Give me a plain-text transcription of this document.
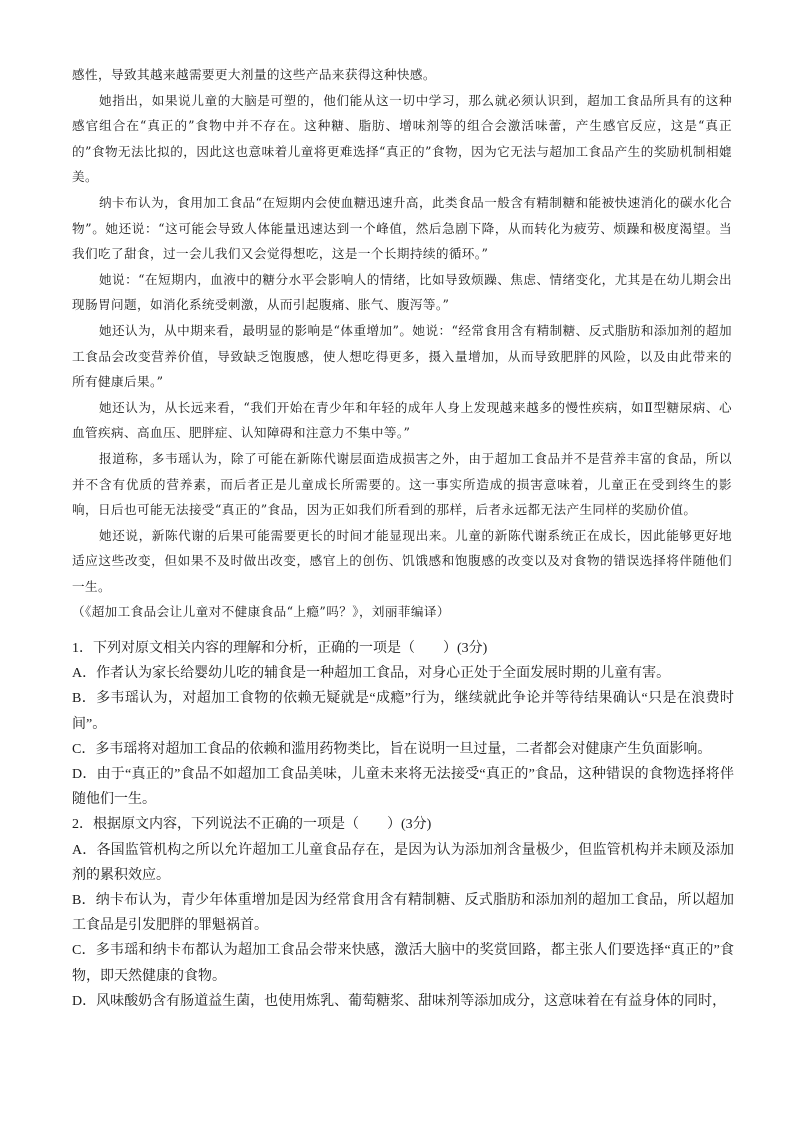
感性，导致其越来越需要更大剂量的这些产品来获得这种快感。

她指出，如果说儿童的大脑是可塑的，他们能从这一切中学习，那么就必须认识到，超加工食品所具有的这种感官组合在“真正的”食物中并不存在。这种糖、脂肪、增味剂等的组合会激活味蕾，产生感官反应，这是“真正的”食物无法比拟的，因此这也意味着儿童将更难选择“真正的”食物，因为它无法与超加工食品产生的奖励机制相媲美。

纳卡布认为，食用加工食品“在短期内会使血糖迅速升高，此类食品一般含有精制糖和能被快速消化的碳水化合物”。她还说：“这可能会导致人体能量迅速达到一个峰值，然后急剧下降，从而转化为疲劳、烦躁和极度渴望。当我们吃了甜食，过一会儿我们又会觉得想吃，这是一个长期持续的循环。”

她说：“在短期内，血液中的糖分水平会影响人的情绪，比如导致烦躁、焦虑、情绪变化，尤其是在幼儿期会出现肠胃问题，如消化系统受刺激，从而引起腹痛、胀气、腹泻等。”

她还认为，从中期来看，最明显的影响是“体重增加”。她说：“经常食用含有精制糖、反式脂肪和添加剂的超加工食品会改变营养价值，导致缺乏饱腹感，使人想吃得更多，摄入量增加，从而导致肥胖的风险，以及由此带来的所有健康后果。”

她还认为，从长远来看，“我们开始在青少年和年轻的成年人身上发现越来越多的慢性疾病，如Ⅱ型糖尿病、心血管疾病、高血压、肥胖症、认知障碍和注意力不集中等。”

报道称，多韦瑶认为，除了可能在新陈代谢层面造成损害之外，由于超加工食品并不是营养丰富的食品，所以并不含有优质的营养素，而后者正是儿童成长所需要的。这一事实所造成的损害意味着，儿童正在受到终生的影响，日后也可能无法接受“真正的”食品，因为正如我们所看到的那样，后者永远都无法产生同样的奖励价值。

她还说，新陈代谢的后果可能需要更长的时间才能显现出来。儿童的新陈代谢系统正在成长，因此能够更好地适应这些改变，但如果不及时做出改变，感官上的创伤、饥饿感和饱腹感的改变以及对食物的错误选择将伴随他们一生。

（《超加工食品会让儿童对不健康食品“上瘾”吗？》，刘丽菲编译）

1．下列对原文相关内容的理解和分析，正确的一项是（　　）(3分)

A．作者认为家长给婴幼儿吃的辅食是一种超加工食品，对身心正处于全面发展时期的儿童有害。

B．多韦瑶认为，对超加工食物的依赖无疑就是“成瘾”行为，继续就此争论并等待结果确认“只是在浪费时间”。

C．多韦瑶将对超加工食品的依赖和滥用药物类比，旨在说明一旦过量，二者都会对健康产生负面影响。

D．由于“真正的”食品不如超加工食品美味，儿童未来将无法接受“真正的”食品，这种错误的食物选择将伴随他们一生。

2．根据原文内容，下列说法不正确的一项是（　　）(3分)

A．各国监管机构之所以允许超加工儿童食品存在，是因为认为添加剂含量极少，但监管机构并未顾及添加剂的累积效应。

B．纳卡布认为，青少年体重增加是因为经常食用含有精制糖、反式脂肪和添加剂的超加工食品，所以超加工食品是引发肥胖的罪魁祸首。

C．多韦瑶和纳卡布都认为超加工食品会带来快感，激活大脑中的奖赏回路，都主张人们要选择“真正的”食物，即天然健康的食物。

D．风味酸奶含有肠道益生菌，也使用炼乳、葡萄糖浆、甜味剂等添加成分，这意味着在有益身体的同时，
